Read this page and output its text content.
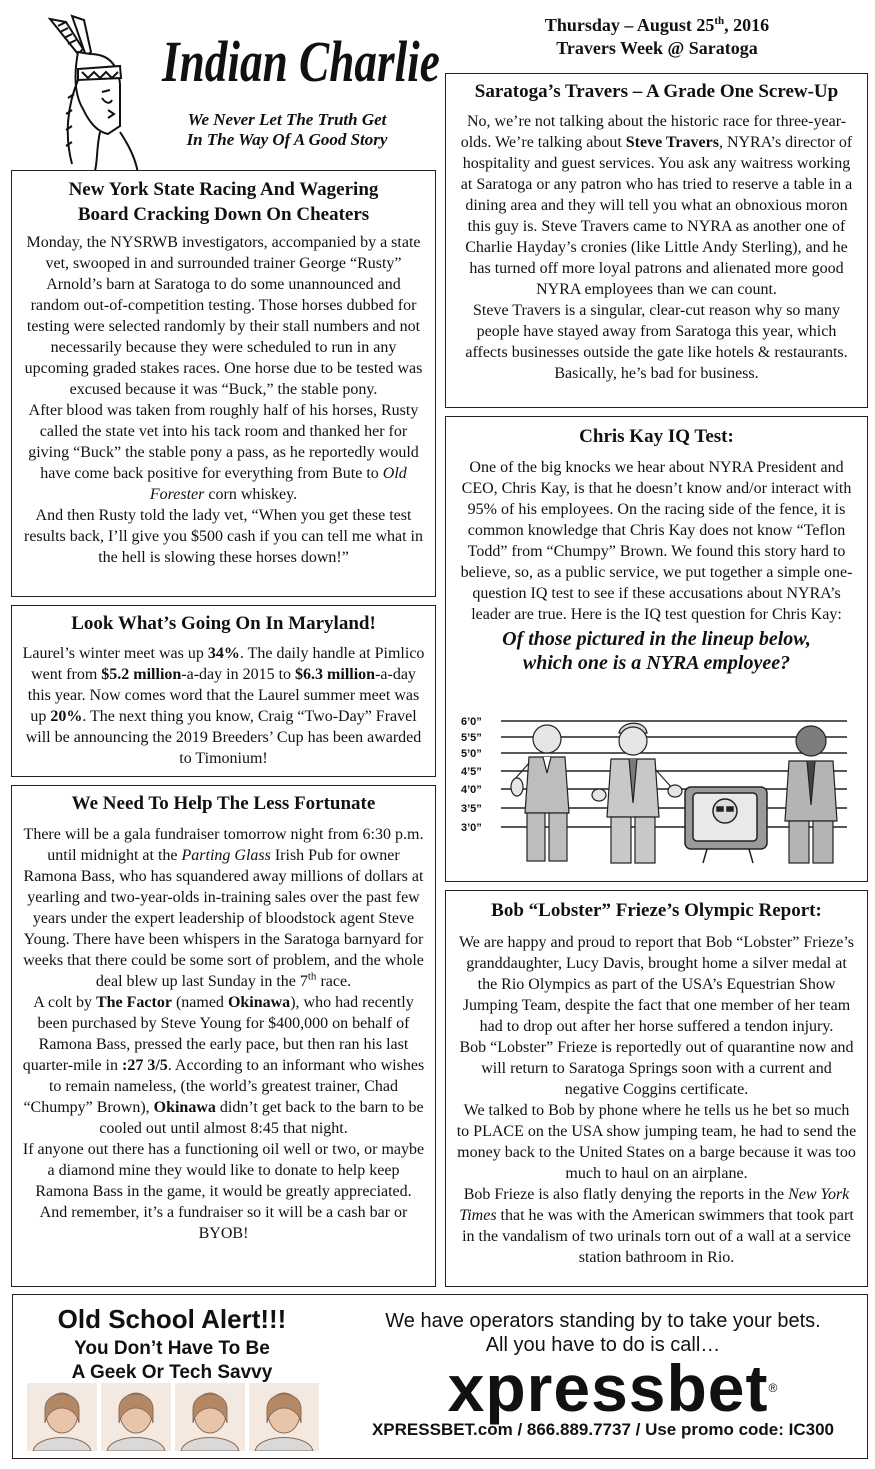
Indian Charlie
We Never Let The Truth Get
In The Way Of A Good Story
Thursday – August 25th, 2016
Travers Week @ Saratoga
New York State Racing And Wagering
Board Cracking Down On Cheaters

Monday, the NYSRWB investigators, accompanied by a state vet, swooped in and surrounded trainer George “Rusty” Arnold’s barn at Saratoga to do some unannounced and random out-of-competition testing. Those horses dubbed for testing were selected randomly by their stall numbers and not necessarily because they were scheduled to run in any upcoming graded stakes races. One horse due to be tested was excused because it was “Buck,” the stable pony.

After blood was taken from roughly half of his horses, Rusty called the state vet into his tack room and thanked her for giving “Buck” the stable pony a pass, as he reportedly would have come back positive for everything from Bute to Old Forester corn whiskey.

And then Rusty told the lady vet, “When you get these test results back, I’ll give you $500 cash if you can tell me what in the hell is slowing these horses down!”

Look What’s Going On In Maryland!

Laurel’s winter meet was up 34%. The daily handle at Pimlico went from $5.2 million-a-day in 2015 to $6.3 million-a-day this year. Now comes word that the Laurel summer meet was up 20%. The next thing you know, Craig “Two-Day” Fravel will be announcing the 2019 Breeders’ Cup has been awarded to Timonium!

We Need To Help The Less Fortunate

There will be a gala fundraiser tomorrow night from 6:30 p.m. until midnight at the Parting Glass Irish Pub for owner Ramona Bass, who has squandered away millions of dollars at yearling and two-year-olds in-training sales over the past few years under the expert leadership of bloodstock agent Steve Young. There have been whispers in the Saratoga barnyard for weeks that there could be some sort of problem, and the whole deal blew up last Sunday in the 7th race.

A colt by The Factor (named Okinawa), who had recently been purchased by Steve Young for $400,000 on behalf of Ramona Bass, pressed the early pace, but then ran his last quarter-mile in :27 3/5. According to an informant who wishes to remain nameless, (the world’s greatest trainer, Chad “Chumpy” Brown), Okinawa didn’t get back to the barn to be cooled out until almost 8:45 that night.

If anyone out there has a functioning oil well or two, or maybe a diamond mine they would like to donate to help keep Ramona Bass in the game, it would be greatly appreciated. And remember, it’s a fundraiser so it will be a cash bar or BYOB!

Saratoga’s Travers – A Grade One Screw-Up

No, we’re not talking about the historic race for three-year-olds. We’re talking about Steve Travers, NYRA’s director of hospitality and guest services. You ask any waitress working at Saratoga or any patron who has tried to reserve a table in a dining area and they will tell you what an obnoxious moron this guy is. Steve Travers came to NYRA as another one of Charlie Hayday’s cronies (like Little Andy Sterling), and he has turned off more loyal patrons and alienated more good NYRA employees than we can count.

Steve Travers is a singular, clear-cut reason why so many people have stayed away from Saratoga this year, which affects businesses outside the gate like hotels & restaurants. Basically, he’s bad for business.

Chris Kay IQ Test:

One of the big knocks we hear about NYRA President and CEO, Chris Kay, is that he doesn’t know and/or interact with 95% of his employees. On the racing side of the fence, it is common knowledge that Chris Kay does not know “Teflon Todd” from “Chumpy” Brown. We found this story hard to believe, so, as a public service, we put together a simple one-question IQ test to see if these accusations about NYRA’s leader are true. Here is the IQ test question for Chris Kay:

Of those pictured in the lineup below,
which one is a NYRA employee?
6’0”
5’5”
5’0”
4’5”
4’0”
3’5”
3’0”
Bob “Lobster” Frieze’s Olympic Report:

We are happy and proud to report that Bob “Lobster” Frieze’s granddaughter, Lucy Davis, brought home a silver medal at the Rio Olympics as part of the USA’s Equestrian Show Jumping Team, despite the fact that one member of her team had to drop out after her horse suffered a tendon injury.

Bob “Lobster” Frieze is reportedly out of quarantine now and will return to Saratoga Springs soon with a current and negative Coggins certificate.

We talked to Bob by phone where he tells us he bet so much to PLACE on the USA show jumping team, he had to send the money back to the United States on a barge because it was too much to haul on an airplane.

Bob Frieze is also flatly denying the reports in the New York Times that he was with the American swimmers that took part in the vandalism of two urinals torn out of a wall at a service station bathroom in Rio.

Old School Alert!!!
You Don’t Have To Be
A Geek Or Tech Savvy
We have operators standing by to take your bets.
All you have to do is call…
xpressbet®
XPRESSBET.com / 866.889.7737 / Use promo code: IC300
